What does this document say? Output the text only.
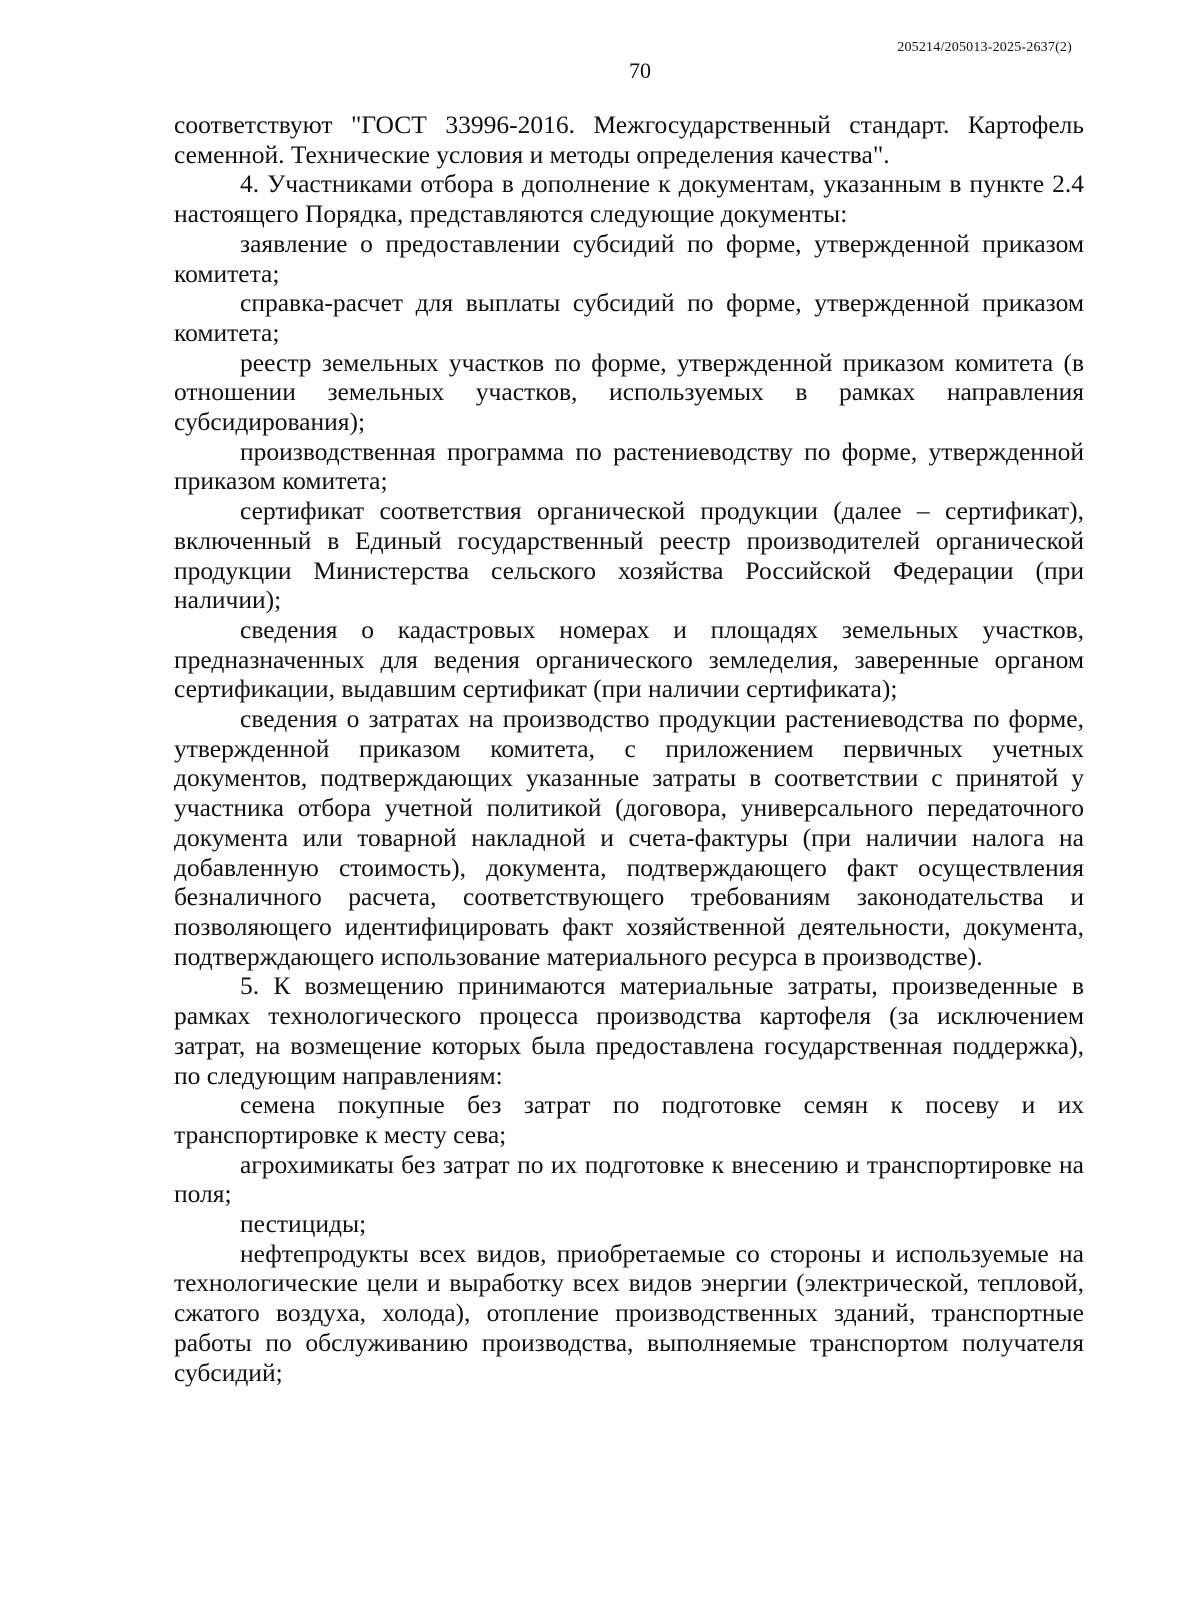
205214/205013-2025-2637(2)
70

соответствуют "ГОСТ 33996-2016. Межгосударственный стандарт. Картофель семенной. Технические условия и методы определения качества".

4. Участниками отбора в дополнение к документам, указанным в пункте 2.4 настоящего Порядка, представляются следующие документы:

заявление о предоставлении субсидий по форме, утвержденной приказом комитета;

справка-расчет для выплаты субсидий по форме, утвержденной приказом комитета;

реестр земельных участков по форме, утвержденной приказом комитета (в отношении земельных участков, используемых в рамках направления субсидирования);

производственная программа по растениеводству по форме, утвержденной приказом комитета;

сертификат соответствия органической продукции (далее – сертификат), включенный в Единый государственный реестр производителей органической продукции Министерства сельского хозяйства Российской Федерации (при наличии);

сведения о кадастровых номерах и площадях земельных участков, предназначенных для ведения органического земледелия, заверенные органом сертификации, выдавшим сертификат (при наличии сертификата);

сведения о затратах на производство продукции растениеводства по форме, утвержденной приказом комитета, с приложением первичных учетных документов, подтверждающих указанные затраты в соответствии с принятой у участника отбора учетной политикой (договора, универсального передаточного документа или товарной накладной и счета-фактуры (при наличии налога на добавленную стоимость), документа, подтверждающего факт осуществления безналичного расчета, соответствующего требованиям законодательства и позволяющего идентифицировать факт хозяйственной деятельности, документа, подтверждающего использование материального ресурса в производстве).

5. К возмещению принимаются материальные затраты, произведенные в рамках технологического процесса производства картофеля (за исключением затрат, на возмещение которых была предоставлена государственная поддержка), по следующим направлениям:

семена покупные без затрат по подготовке семян к посеву и их транспортировке к месту сева;

агрохимикаты без затрат по их подготовке к внесению и транспортировке на поля;

пестициды;

нефтепродукты всех видов, приобретаемые со стороны и используемые на технологические цели и выработку всех видов энергии (электрической, тепловой, сжатого воздуха, холода), отопление производственных зданий, транспортные работы по обслуживанию производства, выполняемые транспортом получателя субсидий;
